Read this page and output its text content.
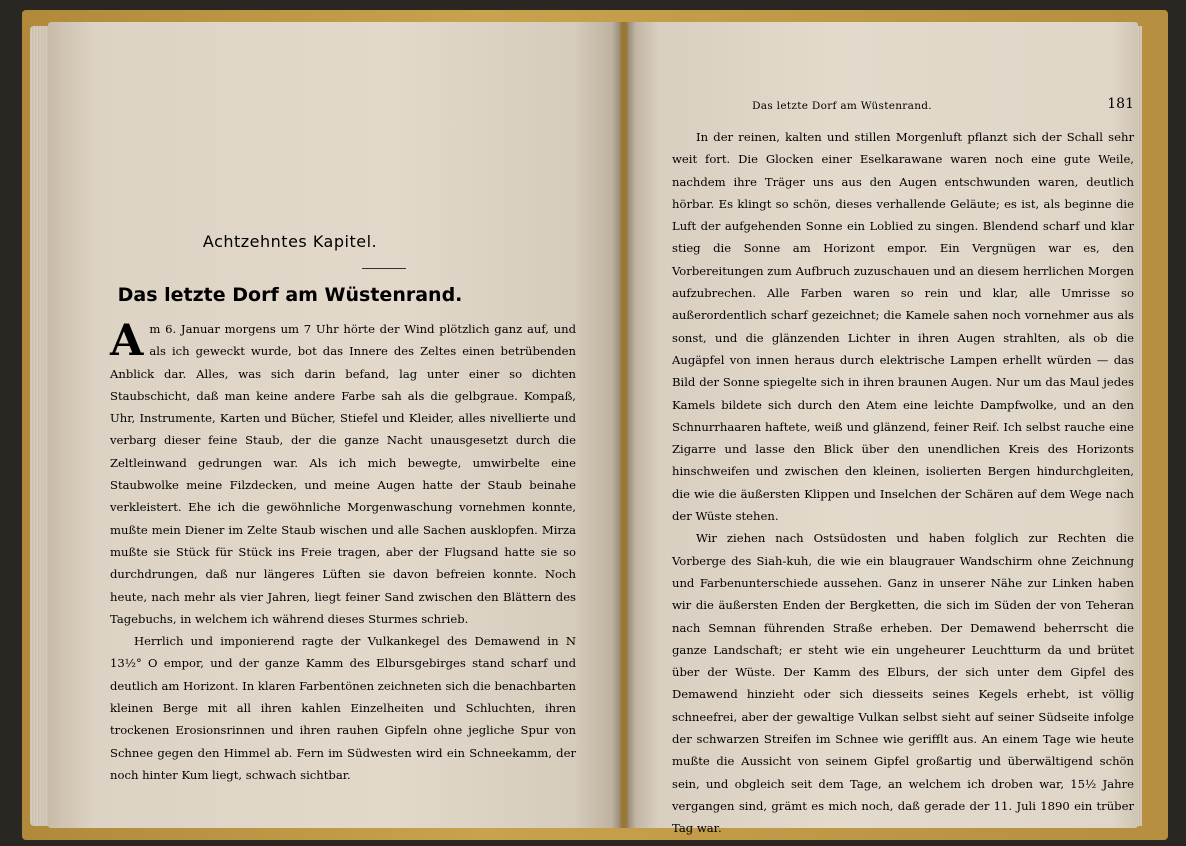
Achtzehntes Kapitel.
Das letzte Dorf am Wüstenrand.

Am 6. Januar morgens um 7 Uhr hörte der Wind plötzlich ganz auf, und als ich geweckt wurde, bot das Innere des Zeltes einen betrübenden Anblick dar. Alles, was sich darin befand, lag unter einer so dichten Staubschicht, daß man keine andere Farbe sah als die gelbgraue. Kompaß, Uhr, Instrumente, Karten und Bücher, Stiefel und Kleider, alles nivellierte und verbarg dieser feine Staub, der die ganze Nacht unausgesetzt durch die Zeltleinwand gedrungen war. Als ich mich bewegte, umwirbelte eine Staubwolke meine Filzdecken, und meine Augen hatte der Staub beinahe verkleistert. Ehe ich die gewöhnliche Morgenwaschung vornehmen konnte, mußte mein Diener im Zelte Staub wischen und alle Sachen ausklopfen. Mirza mußte sie Stück für Stück ins Freie tragen, aber der Flugsand hatte sie so durchdrungen, daß nur längeres Lüften sie davon befreien konnte. Noch heute, nach mehr als vier Jahren, liegt feiner Sand zwischen den Blättern des Tagebuchs, in welchem ich während dieses Sturmes schrieb.

Herrlich und imponierend ragte der Vulkankegel des Demawend in N 13½° O empor, und der ganze Kamm des Elbursgebirges stand scharf und deutlich am Horizont. In klaren Farbentönen zeichneten sich die benachbarten kleinen Berge mit all ihren kahlen Einzelheiten und Schluchten, ihren trockenen Erosionsrinnen und ihren rauhen Gipfeln ohne jegliche Spur von Schnee gegen den Himmel ab. Fern im Südwesten wird ein Schneekamm, der noch hinter Kum liegt, schwach sichtbar.

Das letzte Dorf am Wüstenrand.	181

In der reinen, kalten und stillen Morgenluft pflanzt sich der Schall sehr weit fort. Die Glocken einer Eselkarawane waren noch eine gute Weile, nachdem ihre Träger uns aus den Augen entschwunden waren, deutlich hörbar. Es klingt so schön, dieses verhallende Geläute; es ist, als beginne die Luft der aufgehenden Sonne ein Loblied zu singen. Blendend scharf und klar stieg die Sonne am Horizont empor. Ein Vergnügen war es, den Vorbereitungen zum Aufbruch zuzuschauen und an diesem herrlichen Morgen aufzubrechen. Alle Farben waren so rein und klar, alle Umrisse so außerordentlich scharf gezeichnet; die Kamele sahen noch vornehmer aus als sonst, und die glänzenden Lichter in ihren Augen strahlten, als ob die Augäpfel von innen heraus durch elektrische Lampen erhellt würden — das Bild der Sonne spiegelte sich in ihren braunen Augen. Nur um das Maul jedes Kamels bildete sich durch den Atem eine leichte Dampfwolke, und an den Schnurrhaaren haftete, weiß und glänzend, feiner Reif. Ich selbst rauche eine Zigarre und lasse den Blick über den unendlichen Kreis des Horizonts hinschweifen und zwischen den kleinen, isolierten Bergen hindurchgleiten, die wie die äußersten Klippen und Inselchen der Schären auf dem Wege nach der Wüste stehen.

Wir ziehen nach Ostsüdosten und haben folglich zur Rechten die Vorberge des Siah-kuh, die wie ein blaugrauer Wandschirm ohne Zeichnung und Farbenunterschiede aussehen. Ganz in unserer Nähe zur Linken haben wir die äußersten Enden der Bergketten, die sich im Süden der von Teheran nach Semnan führenden Straße erheben. Der Demawend beherrscht die ganze Landschaft; er steht wie ein ungeheurer Leuchtturm da und brütet über der Wüste. Der Kamm des Elburs, der sich unter dem Gipfel des Demawend hinzieht oder sich diesseits seines Kegels erhebt, ist völlig schneefrei, aber der gewaltige Vulkan selbst sieht auf seiner Südseite infolge der schwarzen Streifen im Schnee wie gerifflt aus. An einem Tage wie heute mußte die Aussicht von seinem Gipfel großartig und überwältigend schön sein, und obgleich seit dem Tage, an welchem ich droben war, 15½ Jahre vergangen sind, grämt es mich noch, daß gerade der 11. Juli 1890 ein trüber Tag war.
